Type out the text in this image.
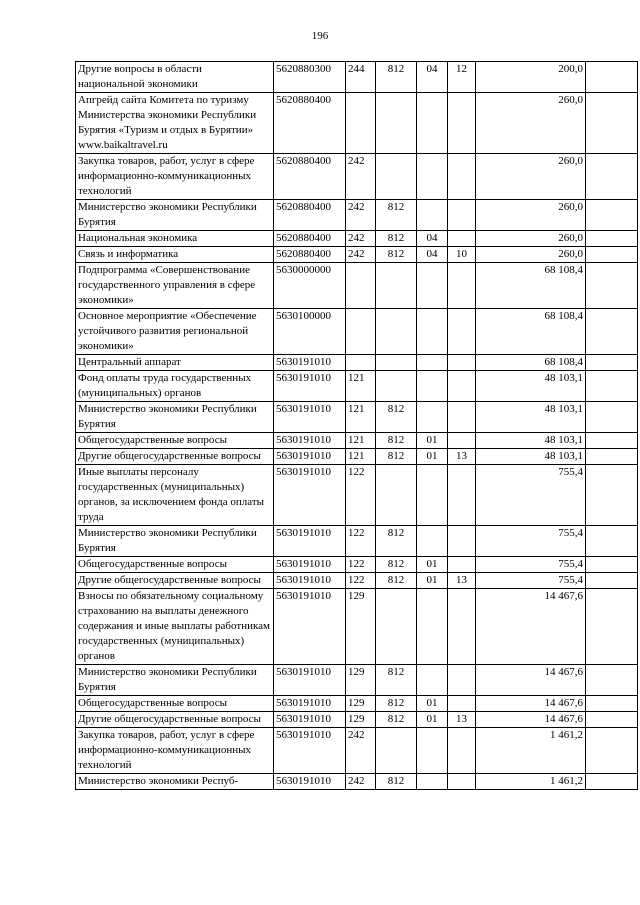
196
Другие вопросы в области национальной экономики	5620880300	244	812	04	12	200,0	
Апгрейд сайта Комитета по туризму Министерства экономики Республики Бурятия «Туризм и отдых в Бурятии» www.baikaltravel.ru	5620880400					260,0	
Закупка товаров, работ, услуг в сфере информационно-коммуникационных технологий	5620880400	242				260,0	
Министерство экономики Республики Бурятия	5620880400	242	812			260,0	
Национальная экономика	5620880400	242	812	04		260,0	
Связь и информатика	5620880400	242	812	04	10	260,0	
Подпрограмма «Совершенствование государственного управления в сфере экономики»	5630000000					68 108,4	
Основное мероприятие «Обеспечение устойчивого развития региональной экономики»	5630100000					68 108,4	
Центральный аппарат	5630191010					68 108,4	
Фонд оплаты труда государственных (муниципальных) органов	5630191010	121				48 103,1	
Министерство экономики Республики Бурятия	5630191010	121	812			48 103,1	
Общегосударственные вопросы	5630191010	121	812	01		48 103,1	
Другие общегосударственные вопросы	5630191010	121	812	01	13	48 103,1	
Иные выплаты персоналу государственных (муниципальных) органов, за исключением фонда оплаты труда	5630191010	122				755,4	
Министерство экономики Республики Бурятия	5630191010	122	812			755,4	
Общегосударственные вопросы	5630191010	122	812	01		755,4	
Другие общегосударственные вопросы	5630191010	122	812	01	13	755,4	
Взносы по обязательному социальному страхованию на выплаты денежного содержания и иные выплаты работникам государственных (муниципальных) органов	5630191010	129				14 467,6	
Министерство экономики Республики Бурятия	5630191010	129	812			14 467,6	
Общегосударственные вопросы	5630191010	129	812	01		14 467,6	
Другие общегосударственные вопросы	5630191010	129	812	01	13	14 467,6	
Закупка товаров, работ, услуг в сфере информационно-коммуникационных технологий	5630191010	242				1 461,2	
Министерство экономики Респуб-	5630191010	242	812			1 461,2	
